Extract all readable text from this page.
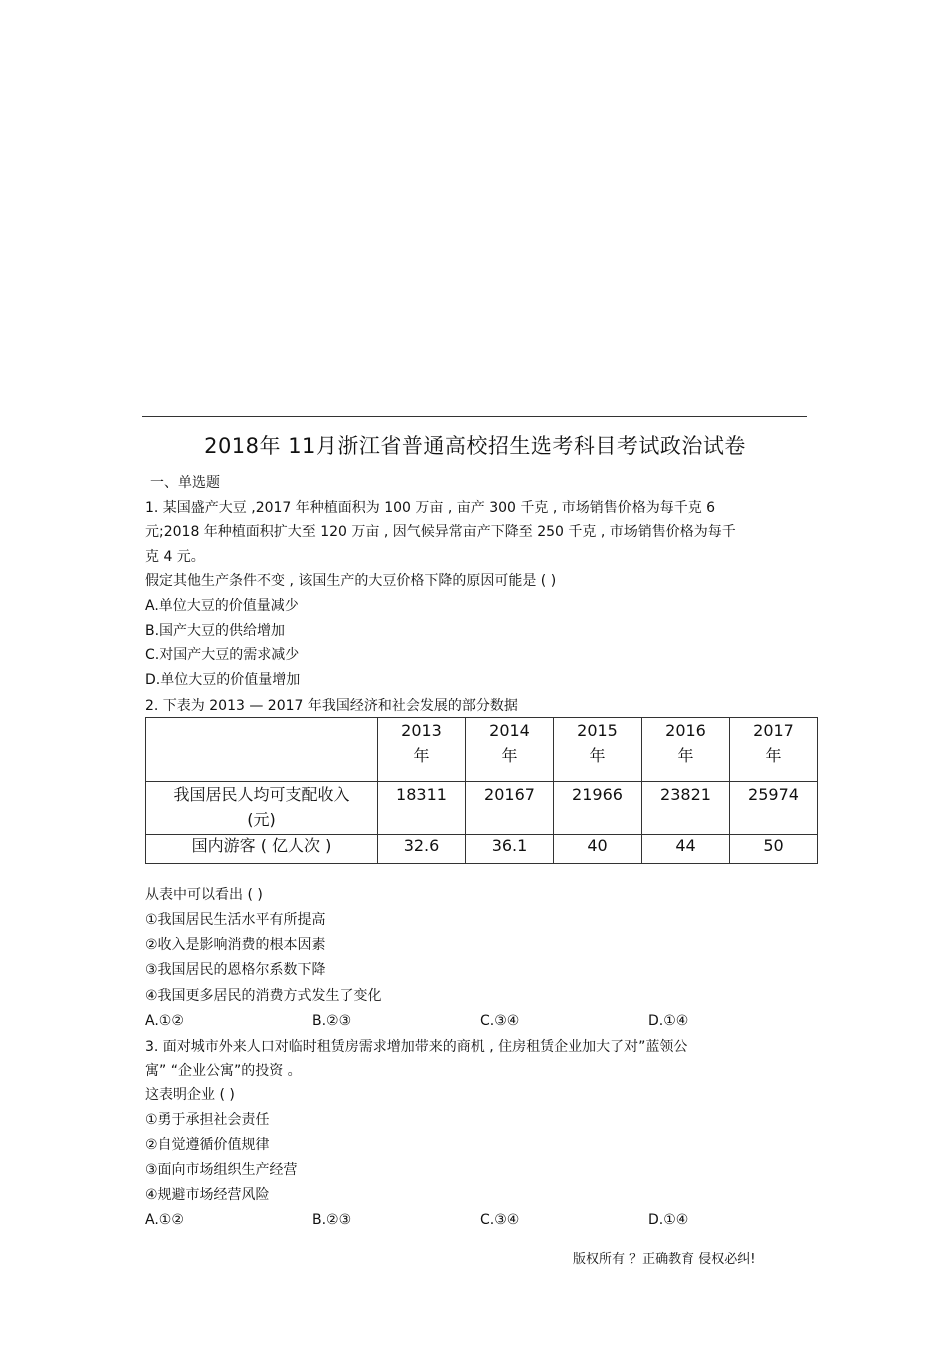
2018年 11月浙江省普通高校招生选考科目考试政治试卷
一、单选题
1. 某国盛产大豆 ,2017 年种植面积为 100 万亩 , 亩产 300 千克 , 市场销售价格为每千克 6
元;2018 年种植面积扩大至 120 万亩 , 因气候异常亩产下降至 250 千克 , 市场销售价格为每千
克 4 元。
假定其他生产条件不变 , 该国生产的大豆价格下降的原因可能是 ( )
A.单位大豆的价值量减少
B.国产大豆的供给增加
C.对国产大豆的需求减少
D.单位大豆的价值量增加
2. 下表为 2013 — 2017 年我国经济和社会发展的部分数据

	2013年	2014年	2015年	2016年	2017年

我国居民人均可支配收入(元)	18311	20167	21966	23821	25974
国内游客 ( 亿人次 )	32.6	36.1	40	44	50
从表中可以看出 ( )
①我国居民生活水平有所提高
②收入是影响消费的根本因素
③我国居民的恩格尔系数下降
④我国更多居民的消费方式发生了变化
A.①②	B.②③	C.③④	D.①④
3. 面对城市外来人口对临时租赁房需求增加带来的商机 , 住房租赁企业加大了对”蓝领公
寓” “企业公寓”的投资 。
这表明企业 ( )
①勇于承担社会责任
②自觉遵循价值规律
③面向市场组织生产经营
④规避市场经营风险
A.①②	B.②③	C.③④	D.①④
版权所有 ？正确教育 侵权必纠!
